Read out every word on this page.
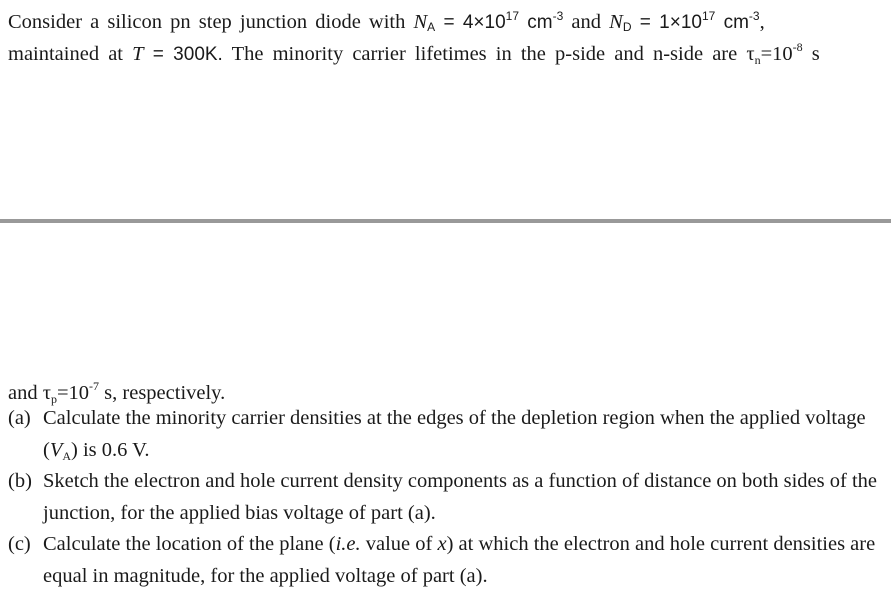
Consider a silicon pn step junction diode with NA = $4\times 10^{17}$ $cm^{-3}$ and ND = $1\times 10^{17}$ $cm^{-3}$,
maintained at T = 300K. The minority carrier lifetimes in the p-side and n-side are $\tau_n=10^{-8}$ s
and $\tau_p=10^{-7}$ s, respectively.
(a) Calculate the minority carrier densities at the edges of the depletion region when the applied voltage $(V_A)$ is 0.6 V.
(b) Sketch the electron and hole current density components as a function of distance on both sides of the junction, for the applied bias voltage of part (a).
(c) Calculate the location of the plane (i.e. value of x) at which the electron and hole current densities are equal in magnitude, for the applied voltage of part (a).
